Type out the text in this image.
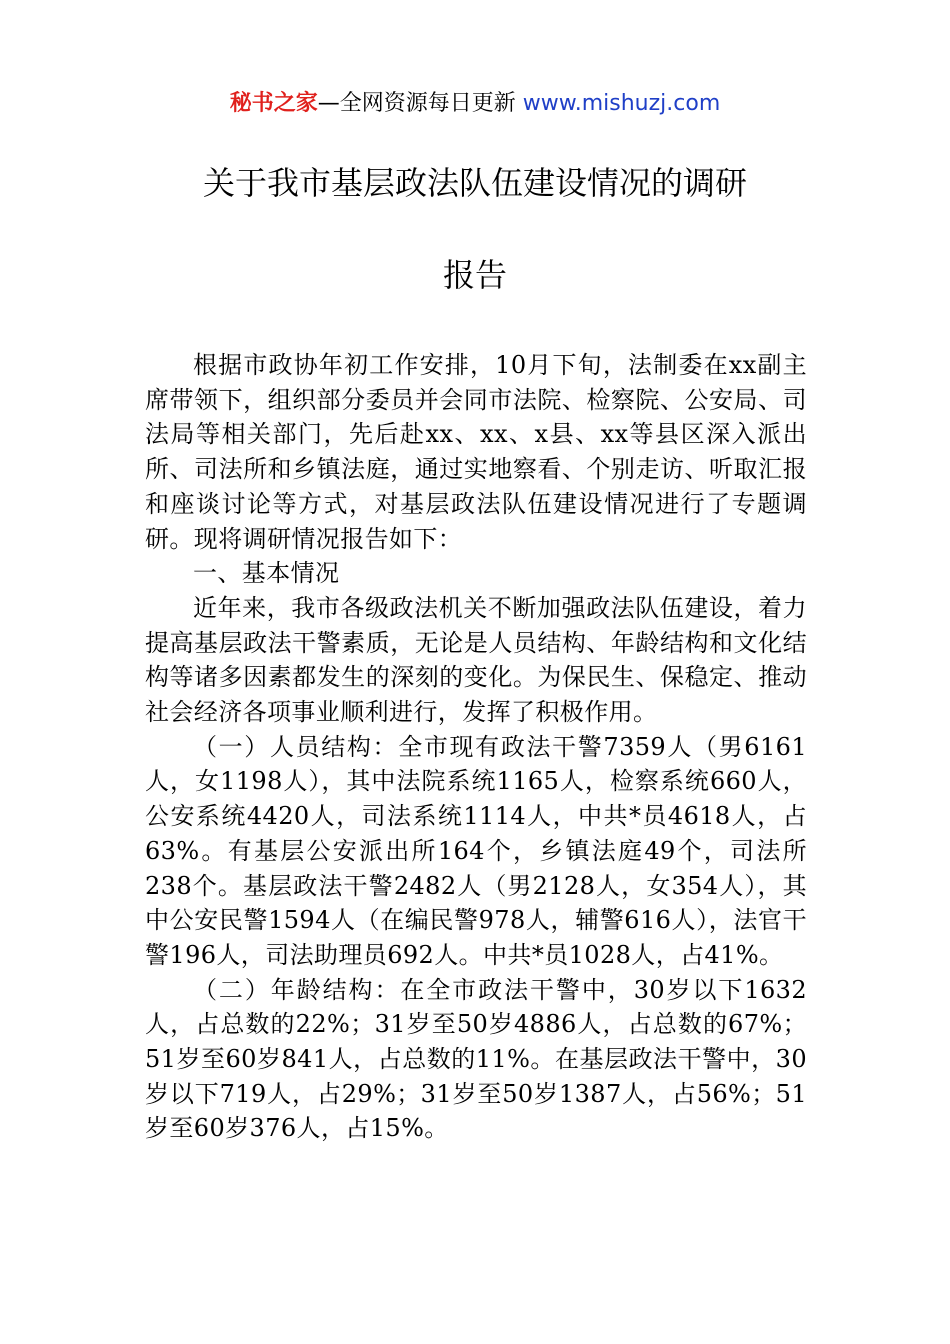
秘书之家—全网资源每日更新 www.mishuzj.com
关于我市基层政法队伍建设情况的调研
报告

根据市政协年初工作安排，10月下旬，法制委在xx副主席带领下，组织部分委员并会同市法院、检察院、公安局、司法局等相关部门，先后赴xx、xx、x县、xx等县区深入派出所、司法所和乡镇法庭，通过实地察看、个别走访、听取汇报和座谈讨论等方式，对基层政法队伍建设情况进行了专题调研。现将调研情况报告如下：

一、基本情况

近年来，我市各级政法机关不断加强政法队伍建设，着力提高基层政法干警素质，无论是人员结构、年龄结构和文化结构等诸多因素都发生的深刻的变化。为保民生、保稳定、推动社会经济各项事业顺利进行，发挥了积极作用。

（一）人员结构：全市现有政法干警7359人（男6161人，女1198人），其中法院系统1165人，检察系统660人，公安系统4420人，司法系统1114人，中共*员4618人，占63%。有基层公安派出所164个，乡镇法庭49个，司法所238个。基层政法干警2482人（男2128人，女354人），其中公安民警1594人（在编民警978人，辅警616人），法官干警196人，司法助理员692人。中共*员1028人，占41%。

（二）年龄结构：在全市政法干警中，30岁以下1632人，占总数的22%；31岁至50岁4886人，占总数的67%；51岁至60岁841人，占总数的11%。在基层政法干警中，30岁以下719人，占29%；31岁至50岁1387人，占56%；51岁至60岁376人，占15%。
